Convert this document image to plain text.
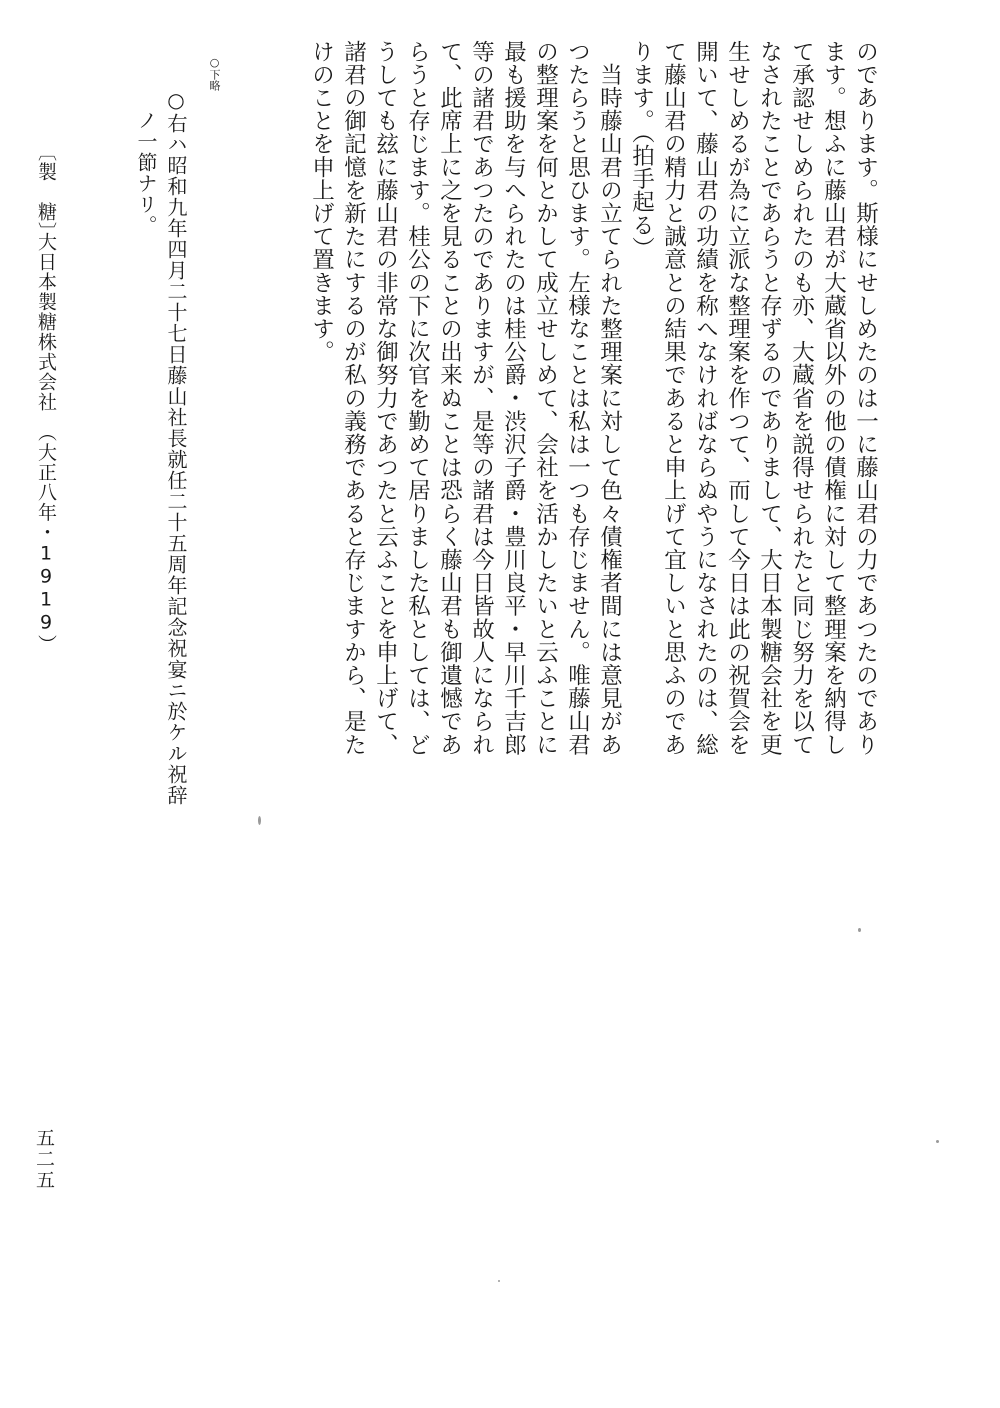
のであります。斯様にせしめたのは一に藤山君の力であつたのであり
ます。想ふに藤山君が大蔵省以外の他の債権に対して整理案を納得し
て承認せしめられたのも亦、大蔵省を説得せられたと同じ努力を以て
なされたことであらうと存ずるのでありまして、大日本製糖会社を更
生せしめるが為に立派な整理案を作つて、而して今日は此の祝賀会を
開いて、藤山君の功績を称へなければならぬやうになされたのは、総
て藤山君の精力と誠意との結果であると申上げて宜しいと思ふのであ
ります。（拍手起る）
　当時藤山君の立てられた整理案に対して色々債権者間には意見があ
つたらうと思ひます。左様なことは私は一つも存じません。唯藤山君
の整理案を何とかして成立せしめて、会社を活かしたいと云ふことに
最も援助を与へられたのは桂公爵・渋沢子爵・豊川良平・早川千吉郎
等の諸君であつたのでありますが、是等の諸君は今日皆故人になられ
て、此席上に之を見ることの出来ぬことは恐らく藤山君も御遺憾であ
らうと存じます。桂公の下に次官を勤めて居りました私としては、ど
うしても玆に藤山君の非常な御努力であつたと云ふことを申上げて、
諸君の御記憶を新たにするのが私の義務であると存じますから、是た
けのことを申上げて置きます。
○下略
○右ハ昭和九年四月二十七日藤山社長就任二十五周年記念祝宴ニ於ケル祝辞
ノ一節ナリ。
〔製　糖〕
大日本製糖株式会社　（大正八年・1919）
五二五
